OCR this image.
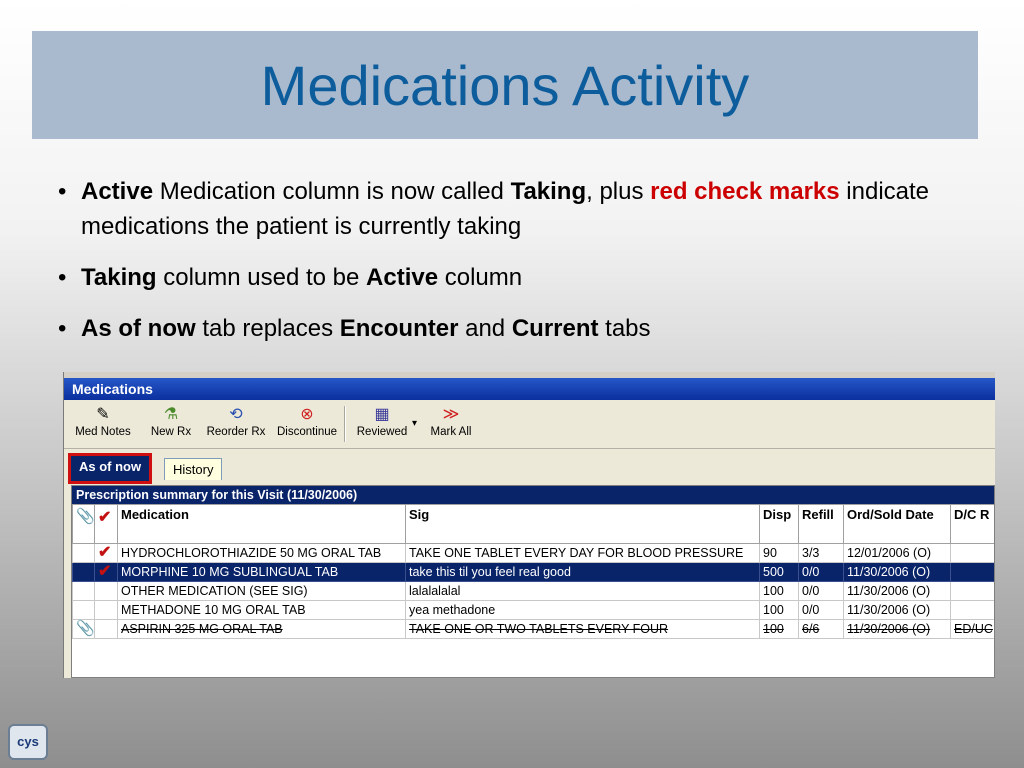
Medications Activity
• Active Medication column is now called Taking, plus red check marks indicate medications the patient is currently taking
• Taking column used to be Active column
• As of now tab replaces Encounter and Current tabs
Medications
✎
Med Notes
⚗
New Rx
⟲
Reorder Rx
⊗
Discontinue
▦
Reviewed
≫
Mark All
▾
As of now	History
Prescription summary for this Visit (11/30/2006)
📎	✔	Medication	Sig	Disp	Refill	Ord/Sold Date	D/C R
	✔	HYDROCHLOROTHIAZIDE 50 MG ORAL TAB	TAKE ONE TABLET EVERY DAY FOR BLOOD PRESSURE	90	3/3	12/01/2006 (O)	
	✔	MORPHINE 10 MG SUBLINGUAL TAB	take this til you feel real good	500	0/0	11/30/2006 (O)	
		OTHER MEDICATION (SEE SIG)	lalalalalal	100	0/0	11/30/2006 (O)	
		METHADONE 10 MG ORAL TAB	yea methadone	100	0/0	11/30/2006 (O)	
📎		ASPIRIN 325 MG ORAL TAB	TAKE ONE OR TWO TABLETS EVERY FOUR	100	6/6	11/30/2006 (O)	ED/UC
cys
